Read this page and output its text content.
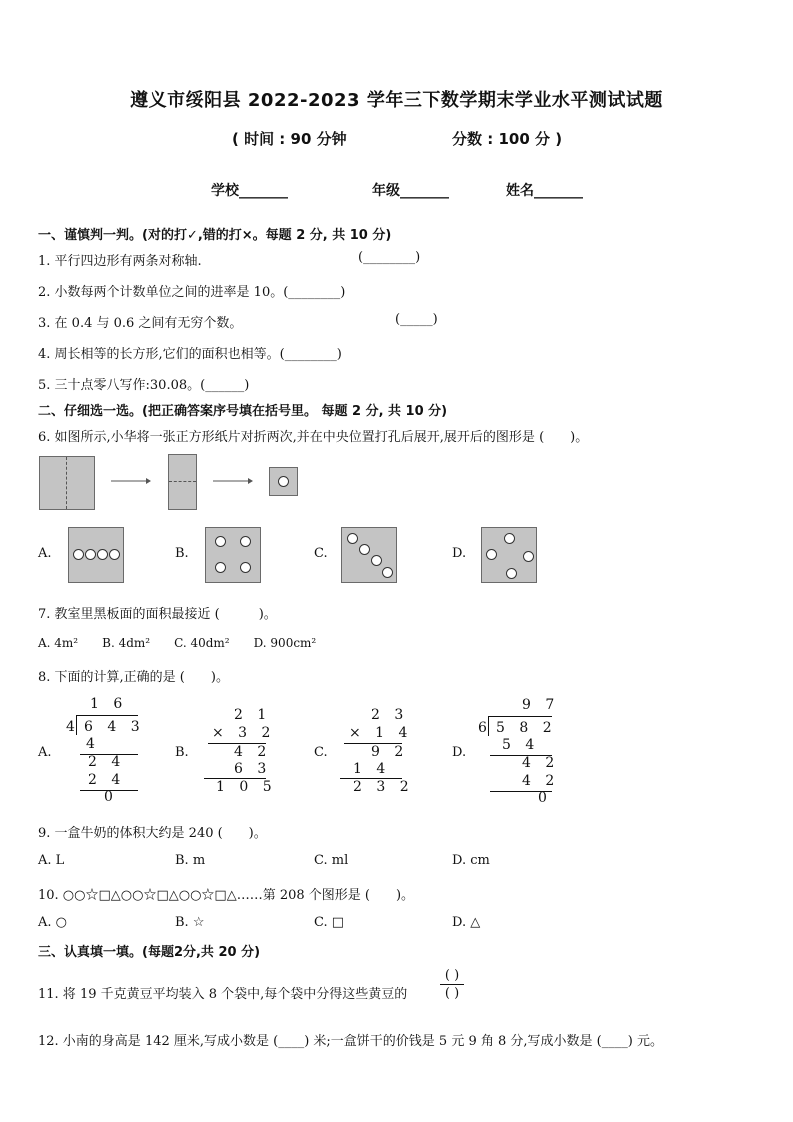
遵义市绥阳县 2022-2023 学年三下数学期末学业水平测试试题
( 时间 : 90 分钟	分数 : 100 分 )
学校_______	年级_______	姓名_______
一、谨慎判一判。(对的打✓,错的打×。每题 2 分, 共 10 分)
1. 平行四边形有两条对称轴.	(________)
2. 小数每两个计数单位之间的进率是 10。(________)
3. 在 0.4 与 0.6 之间有无穷个数。	(_____)
4. 周长相等的长方形,它们的面积也相等。(________)
5. 三十点零八写作:30.08。(______)
二、仔细选一选。(把正确答案序号填在括号里。 每题 2 分, 共 10 分)
6. 如图所示,小华将一张正方形纸片对折两次,并在中央位置打孔后展开,展开后的图形是 (　　)。
A.	B.	C.	D.
7. 教室里黑板面的面积最接近 (　　　)。
A. 4m²　　B. 4dm²　　C. 40dm²　　D. 900cm²
8. 下面的计算,正确的是 (　　)。
A.	B.	C.	D.
1 6
4 6 4 3
4
2 4
2 4
0
2 1
× 3 2
4 2
6 3
1 0 5
2 3
× 1 4
9 2
1 4
2 3 2
9 7
6 5 8 2
5 4
4 2
4 2
0
9. 一盒牛奶的体积大约是 240 (　　)。
A. L	B. m	C. ml	D. cm
10. ○○☆□△○○☆□△○○☆□△……第 208 个图形是 (　　)。
A. ○	B. ☆	C. □	D. △
三、认真填一填。(每题2分,共 20 分)
11. 将 19 千克黄豆平均装入 8 个袋中,每个袋中分得这些黄豆的
( )
( )
12. 小南的身高是 142 厘米,写成小数是 (____) 米;一盒饼干的价钱是 5 元 9 角 8 分,写成小数是 (____) 元。
